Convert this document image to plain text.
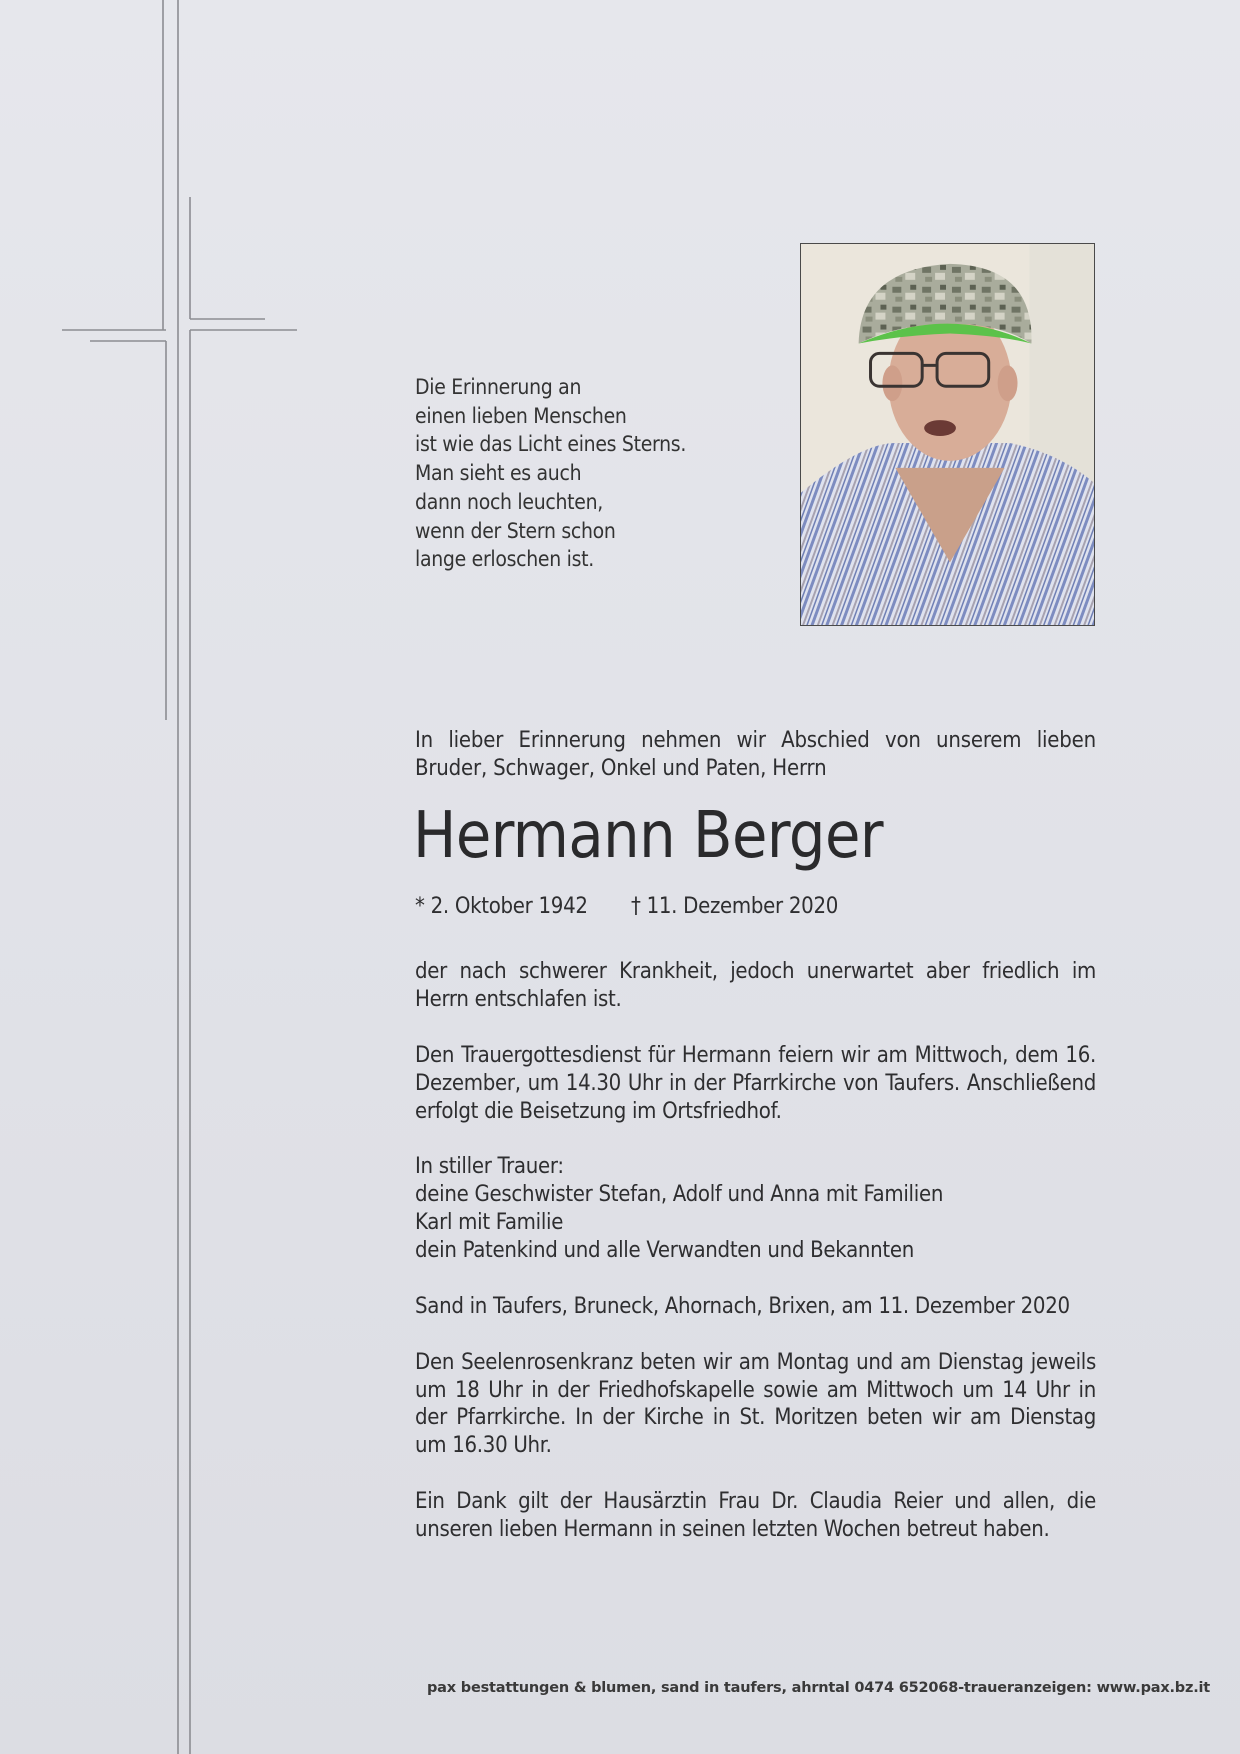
Die Erinnerung an
einen lieben Menschen
ist wie das Licht eines Sterns.
Man sieht es auch
dann noch leuchten,
wenn der Stern schon
lange erloschen ist.
In lieber Erinnerung nehmen wir Abschied von unserem lieben Bruder, Schwager, Onkel und Paten, Herrn
Hermann Berger
* 2. Oktober 1942 † 11. Dezember 2020

der nach schwerer Krankheit, jedoch unerwartet aber friedlich im Herrn entschlafen ist.

Den Trauergottesdienst für Hermann feiern wir am Mittwoch, dem 16. Dezember, um 14.30 Uhr in der Pfarrkirche von Taufers. Anschließend erfolgt die Beisetzung im Ortsfriedhof.

In stiller Trauer:
deine Geschwister Stefan, Adolf und Anna mit Familien
Karl mit Familie
dein Patenkind und alle Verwandten und Bekannten

Sand in Taufers, Bruneck, Ahornach, Brixen, am 11. Dezember 2020

Den Seelenrosenkranz beten wir am Montag und am Dienstag jeweils um 18 Uhr in der Friedhofskapelle sowie am Mittwoch um 14 Uhr in der Pfarrkirche. In der Kirche in St. Moritzen beten wir am Dienstag um 16.30 Uhr.

Ein Dank gilt der Hausärztin Frau Dr. Claudia Reier und allen, die unseren lieben Hermann in seinen letzten Wochen betreut haben.

pax bestattungen & blumen, sand in taufers, ahrntal 0474 652068-traueranzeigen: www.pax.bz.it
